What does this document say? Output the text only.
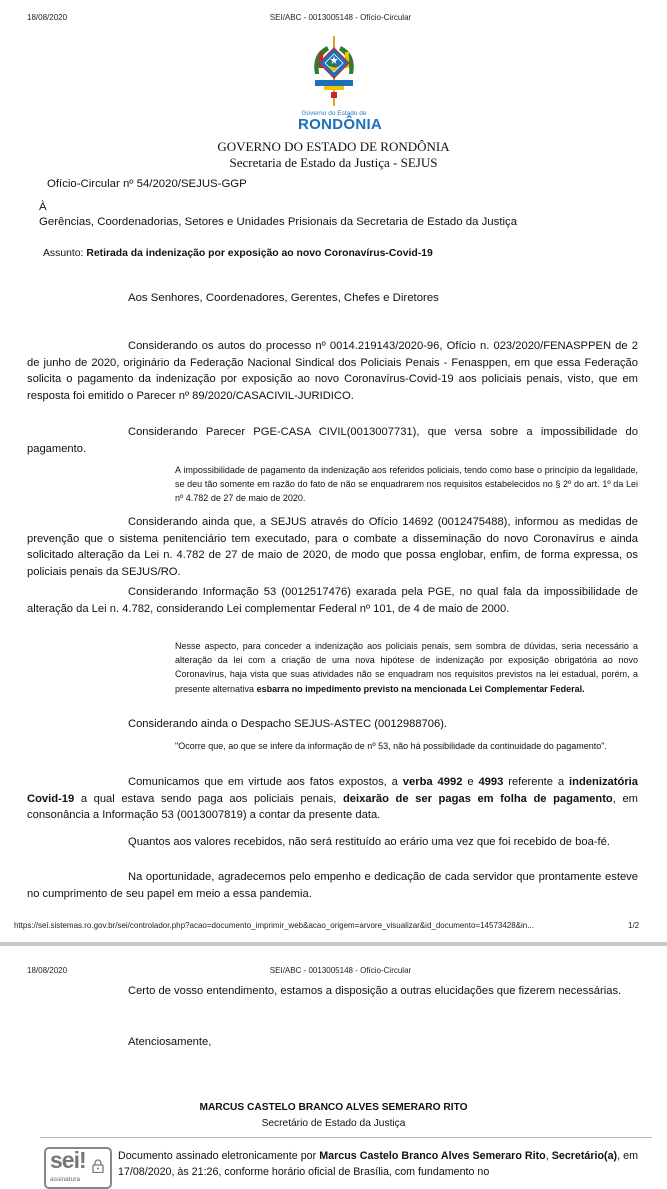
18/08/2020	SEI/ABC - 0013005148 - Ofício-Circular
Governo do Estado de
RONDÔNIA
GOVERNO DO ESTADO DE RONDÔNIA
Secretaria de Estado da Justiça - SEJUS
Ofício-Circular nº 54/2020/SEJUS-GGP
À
Gerências, Coordenadorias, Setores e Unidades Prisionais da Secretaria de Estado da Justiça
Assunto: Retirada da indenização por exposição ao novo Coronavírus-Covid-19
Aos Senhores, Coordenadores, Gerentes, Chefes e Diretores
Considerando os autos do processo nº 0014.219143/2020-96, Ofício n. 023/2020/FENASPPEN de 2 de junho de 2020, originário da Federação Nacional Sindical dos Policiais Penais - Fenasppen, em que essa Federação solicita o pagamento da indenização por exposição ao novo Coronavírus-Covid-19 aos policiais penais, visto, que em resposta foi emitido o Parecer nº 89/2020/CASACIVIL-JURIDICO.
Considerando Parecer PGE-CASA CIVIL(0013007731), que versa sobre a impossibilidade do pagamento.
A impossibilidade de pagamento da indenização aos referidos policiais, tendo como base o princípio da legalidade, se deu tão somente em razão do fato de não se enquadrarem nos requisitos estabelecidos no § 2º do art. 1º da Lei nº 4.782 de 27 de maio de 2020.
Considerando ainda que, a SEJUS através do Ofício 14692 (0012475488), informou as medidas de prevenção que o sistema penitenciário tem executado, para o combate a disseminação do novo Coronavírus e ainda solicitado alteração da Lei n. 4.782 de 27 de maio de 2020, de modo que possa englobar, enfim, de forma expressa, os policiais penais da SEJUS/RO.
Considerando Informação 53 (0012517476) exarada pela PGE, no qual fala da impossibilidade de alteração da Lei n. 4.782, considerando Lei complementar Federal nº 101, de 4 de maio de 2000.
Nesse aspecto, para conceder a indenização aos policiais penais, sem sombra de dúvidas, seria necessário a alteração da lei com a criação de uma nova hipótese de indenização por exposição obrigatória ao novo Coronavírus, haja vista que suas atividades não se enquadram nos requisitos previstos na lei estadual, porém, a presente alternativa esbarra no impedimento previsto na mencionada Lei Complementar Federal.
Considerando ainda o Despacho SEJUS-ASTEC (0012988706).
"Ocorre que, ao que se infere da informação de nº 53, não há possibilidade da continuidade do pagamento".
Comunicamos que em virtude aos fatos expostos, a verba 4992 e 4993 referente a indenizatória Covid-19 a qual estava sendo paga aos policiais penais, deixarão de ser pagas em folha de pagamento, em consonância a Informação 53 (0013007819) a contar da presente data.
Quantos aos valores recebidos, não será restituído ao erário uma vez que foi recebido de boa-fé.
Na oportunidade, agradecemos pelo empenho e dedicação de cada servidor que prontamente esteve no cumprimento de seu papel em meio a essa pandemia.
https://sei.sistemas.ro.gov.br/sei/controlador.php?acao=documento_imprimir_web&acao_origem=arvore_visualizar&id_documento=14573428&in...	1/2
18/08/2020	SEI/ABC - 0013005148 - Ofício-Circular
Certo de vosso entendimento, estamos a disposição a outras elucidações que fizerem necessárias.
Atenciosamente,
MARCUS CASTELO BRANCO ALVES SEMERARO RITO
Secretário de Estado da Justiça
sei!
assinatura
Documento assinado eletronicamente por Marcus Castelo Branco Alves Semeraro Rito, Secretário(a), em 17/08/2020, às 21:26, conforme horário oficial de Brasília, com fundamento no
